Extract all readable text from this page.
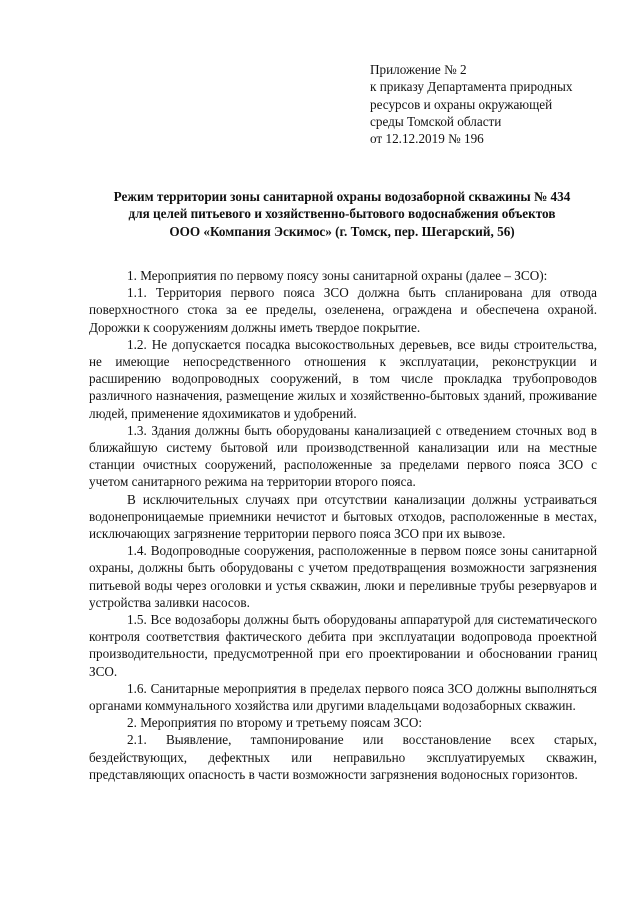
Приложение № 2
к приказу Департамента природных
ресурсов и охраны окружающей
среды Томской области
от 12.12.2019 № 196
Режим территории зоны санитарной охраны водозаборной скважины № 434
для целей питьевого и хозяйственно-бытового водоснабжения объектов
ООО «Компания Эскимос» (г. Томск, пер. Шегарский, 56)

1. Мероприятия по первому поясу зоны санитарной охраны (далее – ЗСО):

1.1. Территория первого пояса ЗСО должна быть спланирована для отвода поверхностного стока за ее пределы, озеленена, ограждена и обеспечена охраной. Дорожки к сооружениям должны иметь твердое покрытие.

1.2. Не допускается посадка высокоствольных деревьев, все виды строительства, не имеющие непосредственного отношения к эксплуатации, реконструкции и расширению водопроводных сооружений, в том числе прокладка трубопроводов различного назначения, размещение жилых и хозяйственно-бытовых зданий, проживание людей, применение ядохимикатов и удобрений.

1.3. Здания должны быть оборудованы канализацией с отведением сточных вод в ближайшую систему бытовой или производственной канализации или на местные станции очистных сооружений, расположенные за пределами первого пояса ЗСО с учетом санитарного режима на территории второго пояса.

В исключительных случаях при отсутствии канализации должны устраиваться водонепроницаемые приемники нечистот и бытовых отходов, расположенные в местах, исключающих загрязнение территории первого пояса ЗСО при их вывозе.

1.4. Водопроводные сооружения, расположенные в первом поясе зоны санитарной охраны, должны быть оборудованы с учетом предотвращения возможности загрязнения питьевой воды через оголовки и устья скважин, люки и переливные трубы резервуаров и устройства заливки насосов.

1.5. Все водозаборы должны быть оборудованы аппаратурой для систематического контроля соответствия фактического дебита при эксплуатации водопровода проектной производительности, предусмотренной при его проектировании и обосновании границ ЗСО.

1.6. Санитарные мероприятия в пределах первого пояса ЗСО должны выполняться органами коммунального хозяйства или другими владельцами водозаборных скважин.

2. Мероприятия по второму и третьему поясам ЗСО:

2.1. Выявление, тампонирование или восстановление всех старых, бездействующих, дефектных или неправильно эксплуатируемых скважин, представляющих опасность в части возможности загрязнения водоносных горизонтов.
